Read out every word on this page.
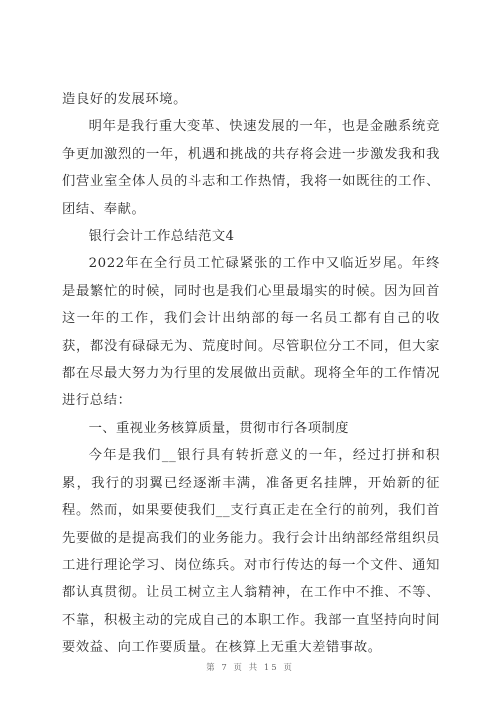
造良好的发展环境。

明年是我行重大变革、快速发展的一年，也是金融系统竞争更加激烈的一年，机遇和挑战的共存将会进一步激发我和我们营业室全体人员的斗志和工作热情，我将一如既往的工作、团结、奉献。

银行会计工作总结范文4

2022年在全行员工忙碌紧张的工作中又临近岁尾。年终是最繁忙的时候，同时也是我们心里最塌实的时候。因为回首这一年的工作，我们会计出纳部的每一名员工都有自己的收获，都没有碌碌无为、荒度时间。尽管职位分工不同，但大家都在尽最大努力为行里的发展做出贡献。现将全年的工作情况进行总结：

一、重视业务核算质量，贯彻市行各项制度

今年是我们__银行具有转折意义的一年，经过打拼和积累，我行的羽翼已经逐渐丰满，准备更名挂牌，开始新的征程。然而，如果要使我们__支行真正走在全行的前列，我们首先要做的是提高我们的业务能力。我行会计出纳部经常组织员工进行理论学习、岗位练兵。对市行传达的每一个文件、通知都认真贯彻。让员工树立主人翁精神，在工作中不推、不等、不靠，积极主动的完成自己的本职工作。我部一直坚持向时间要效益、向工作要质量。在核算上无重大差错事故。

第 7 页 共 15 页
